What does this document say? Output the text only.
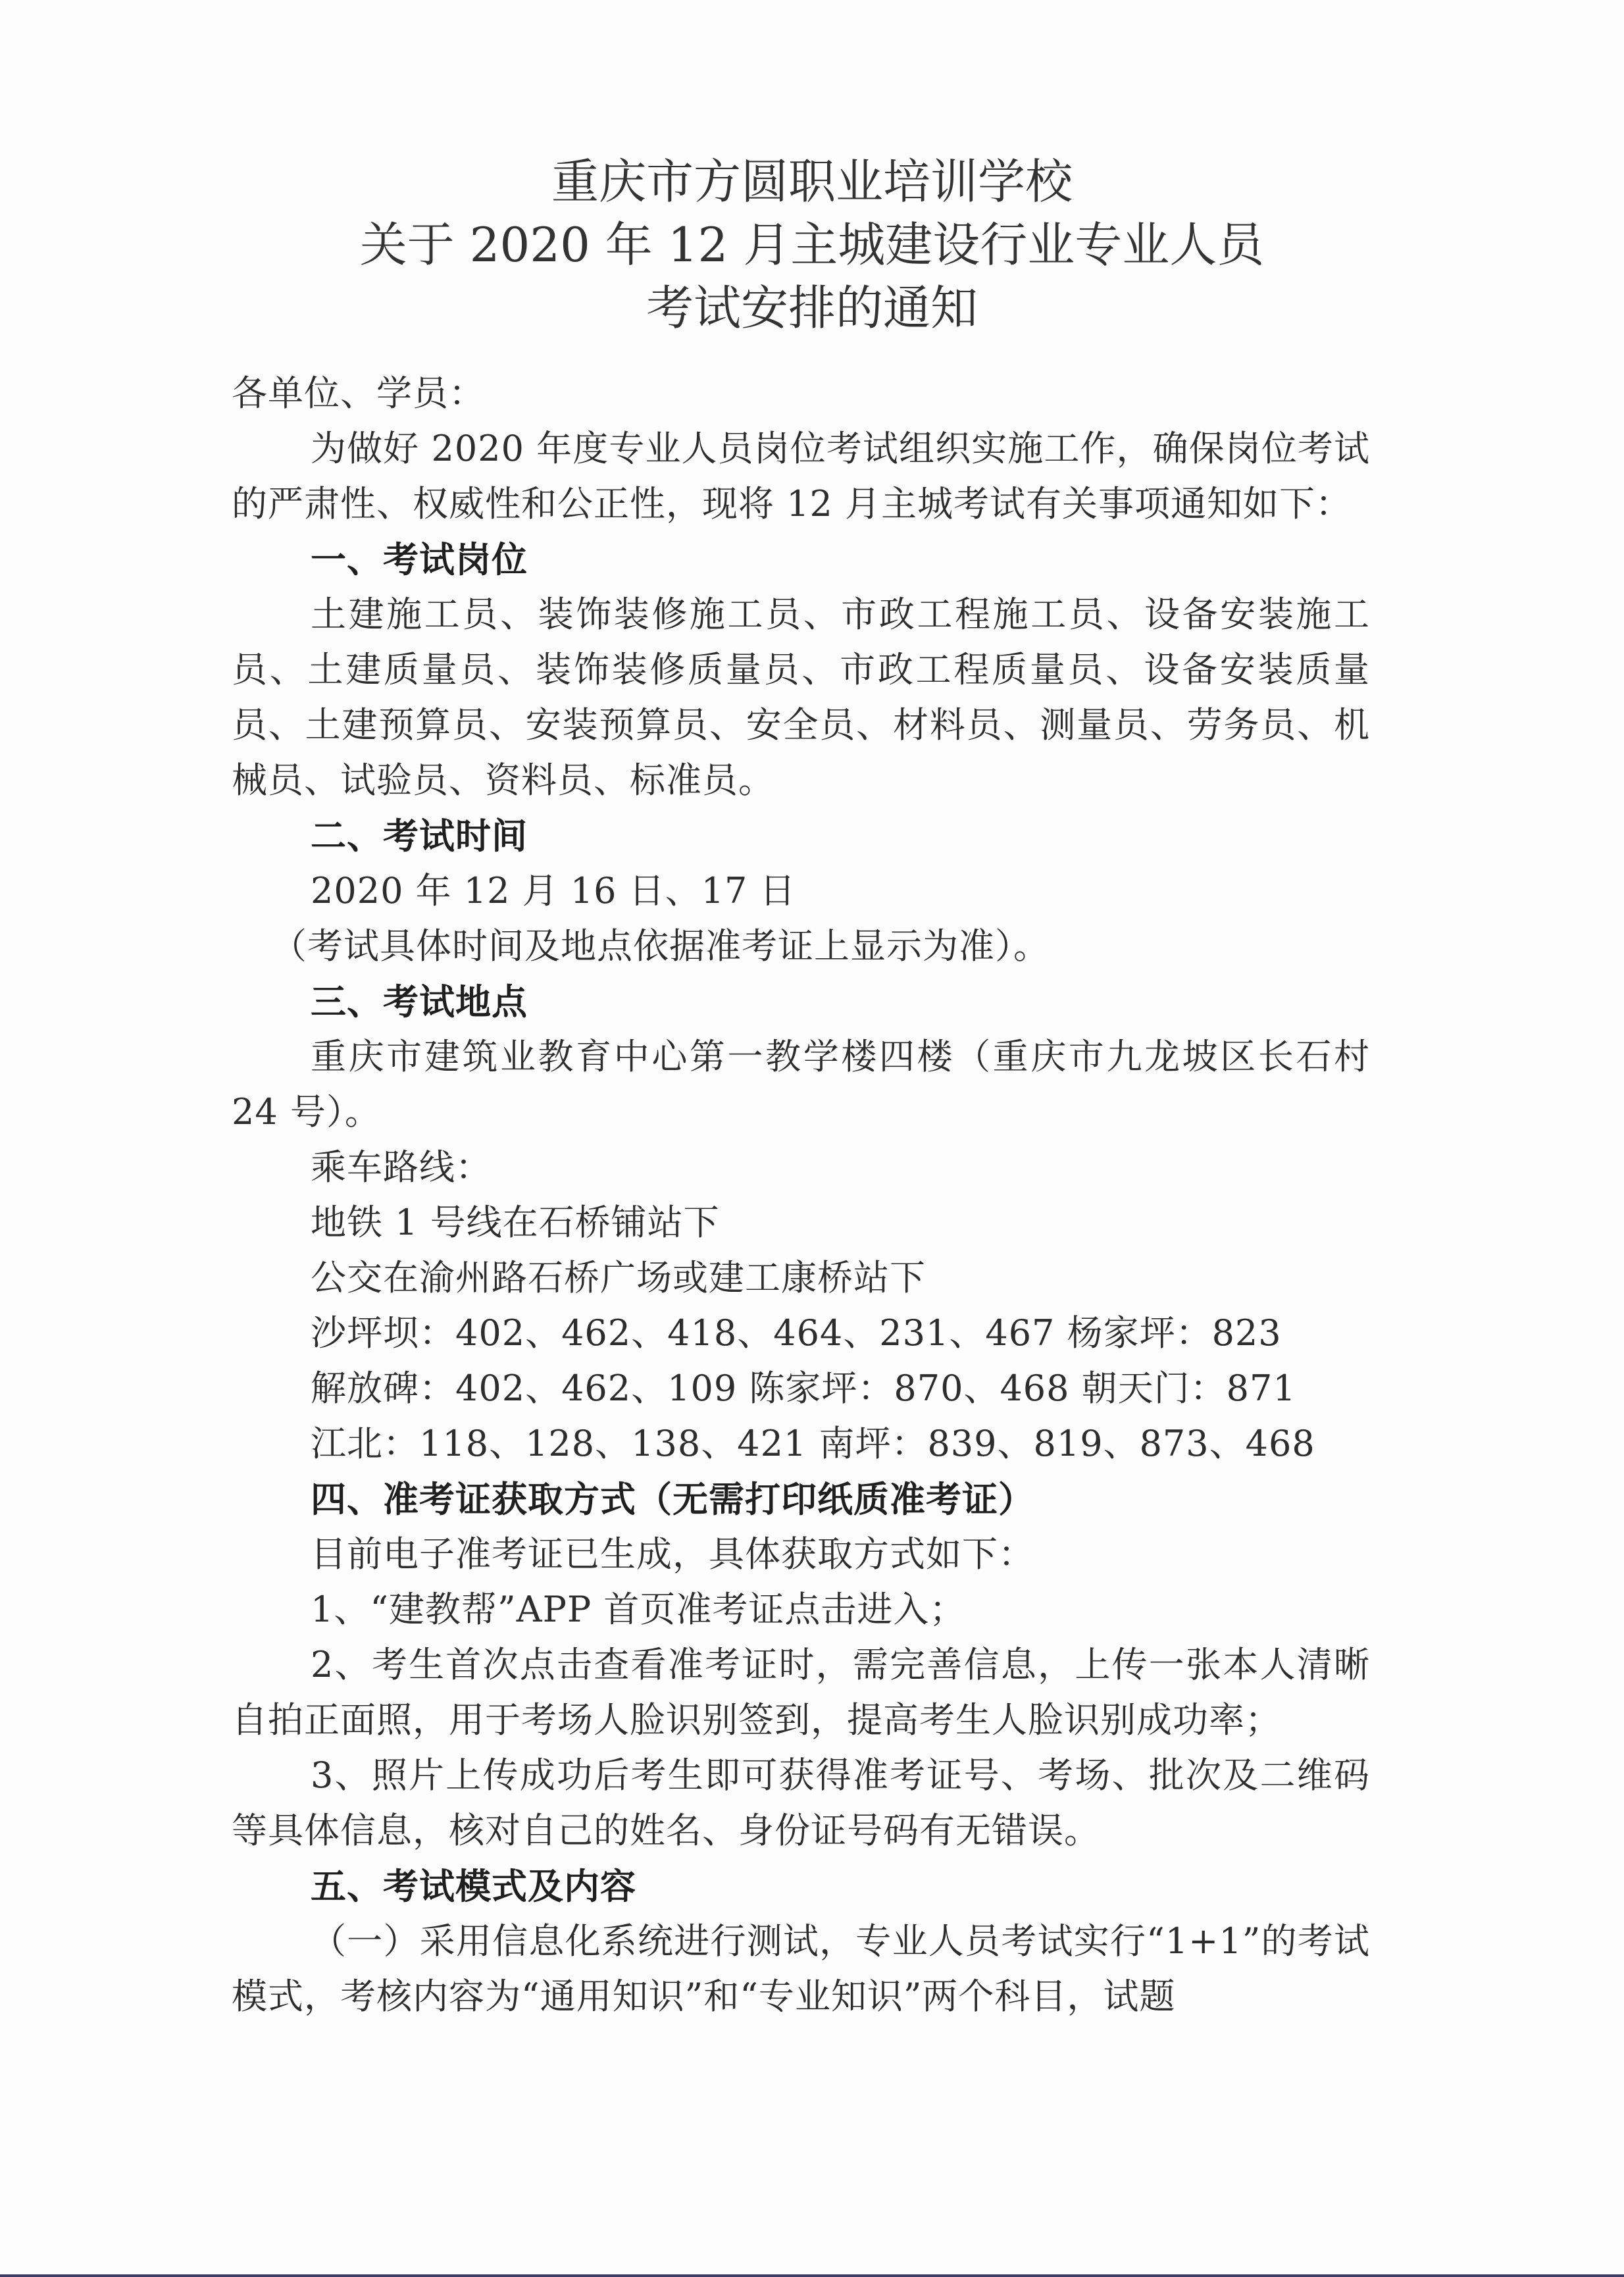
重庆市方圆职业培训学校
关于 2020 年 12 月主城建设行业专业人员
考试安排的通知

各单位、学员：

为做好 2020 年度专业人员岗位考试组织实施工作，确保岗位考试的严肃性、权威性和公正性，现将 12 月主城考试有关事项通知如下：

一、考试岗位

土建施工员、装饰装修施工员、市政工程施工员、设备安装施工员、土建质量员、装饰装修质量员、市政工程质量员、设备安装质量员、土建预算员、安装预算员、安全员、材料员、测量员、劳务员、机械员、试验员、资料员、标准员。

二、考试时间

2020 年 12 月 16 日、17 日

（考试具体时间及地点依据准考证上显示为准）。

三、考试地点

重庆市建筑业教育中心第一教学楼四楼（重庆市九龙坡区长石村 24 号）。

乘车路线：

地铁 1 号线在石桥铺站下

公交在渝州路石桥广场或建工康桥站下

沙坪坝：402、462、418、464、231、467 杨家坪：823

解放碑：402、462、109 陈家坪：870、468 朝天门：871

江北：118、128、138、421 南坪：839、819、873、468

四、准考证获取方式（无需打印纸质准考证）

目前电子准考证已生成，具体获取方式如下：

1、“建教帮”APP 首页准考证点击进入；

2、考生首次点击查看准考证时，需完善信息，上传一张本人清晰自拍正面照，用于考场人脸识别签到，提高考生人脸识别成功率；

3、照片上传成功后考生即可获得准考证号、考场、批次及二维码等具体信息，核对自己的姓名、身份证号码有无错误。

五、考试模式及内容

（一）采用信息化系统进行测试，专业人员考试实行“1+1”的考试模式，考核内容为“通用知识”和“专业知识”两个科目，试题
